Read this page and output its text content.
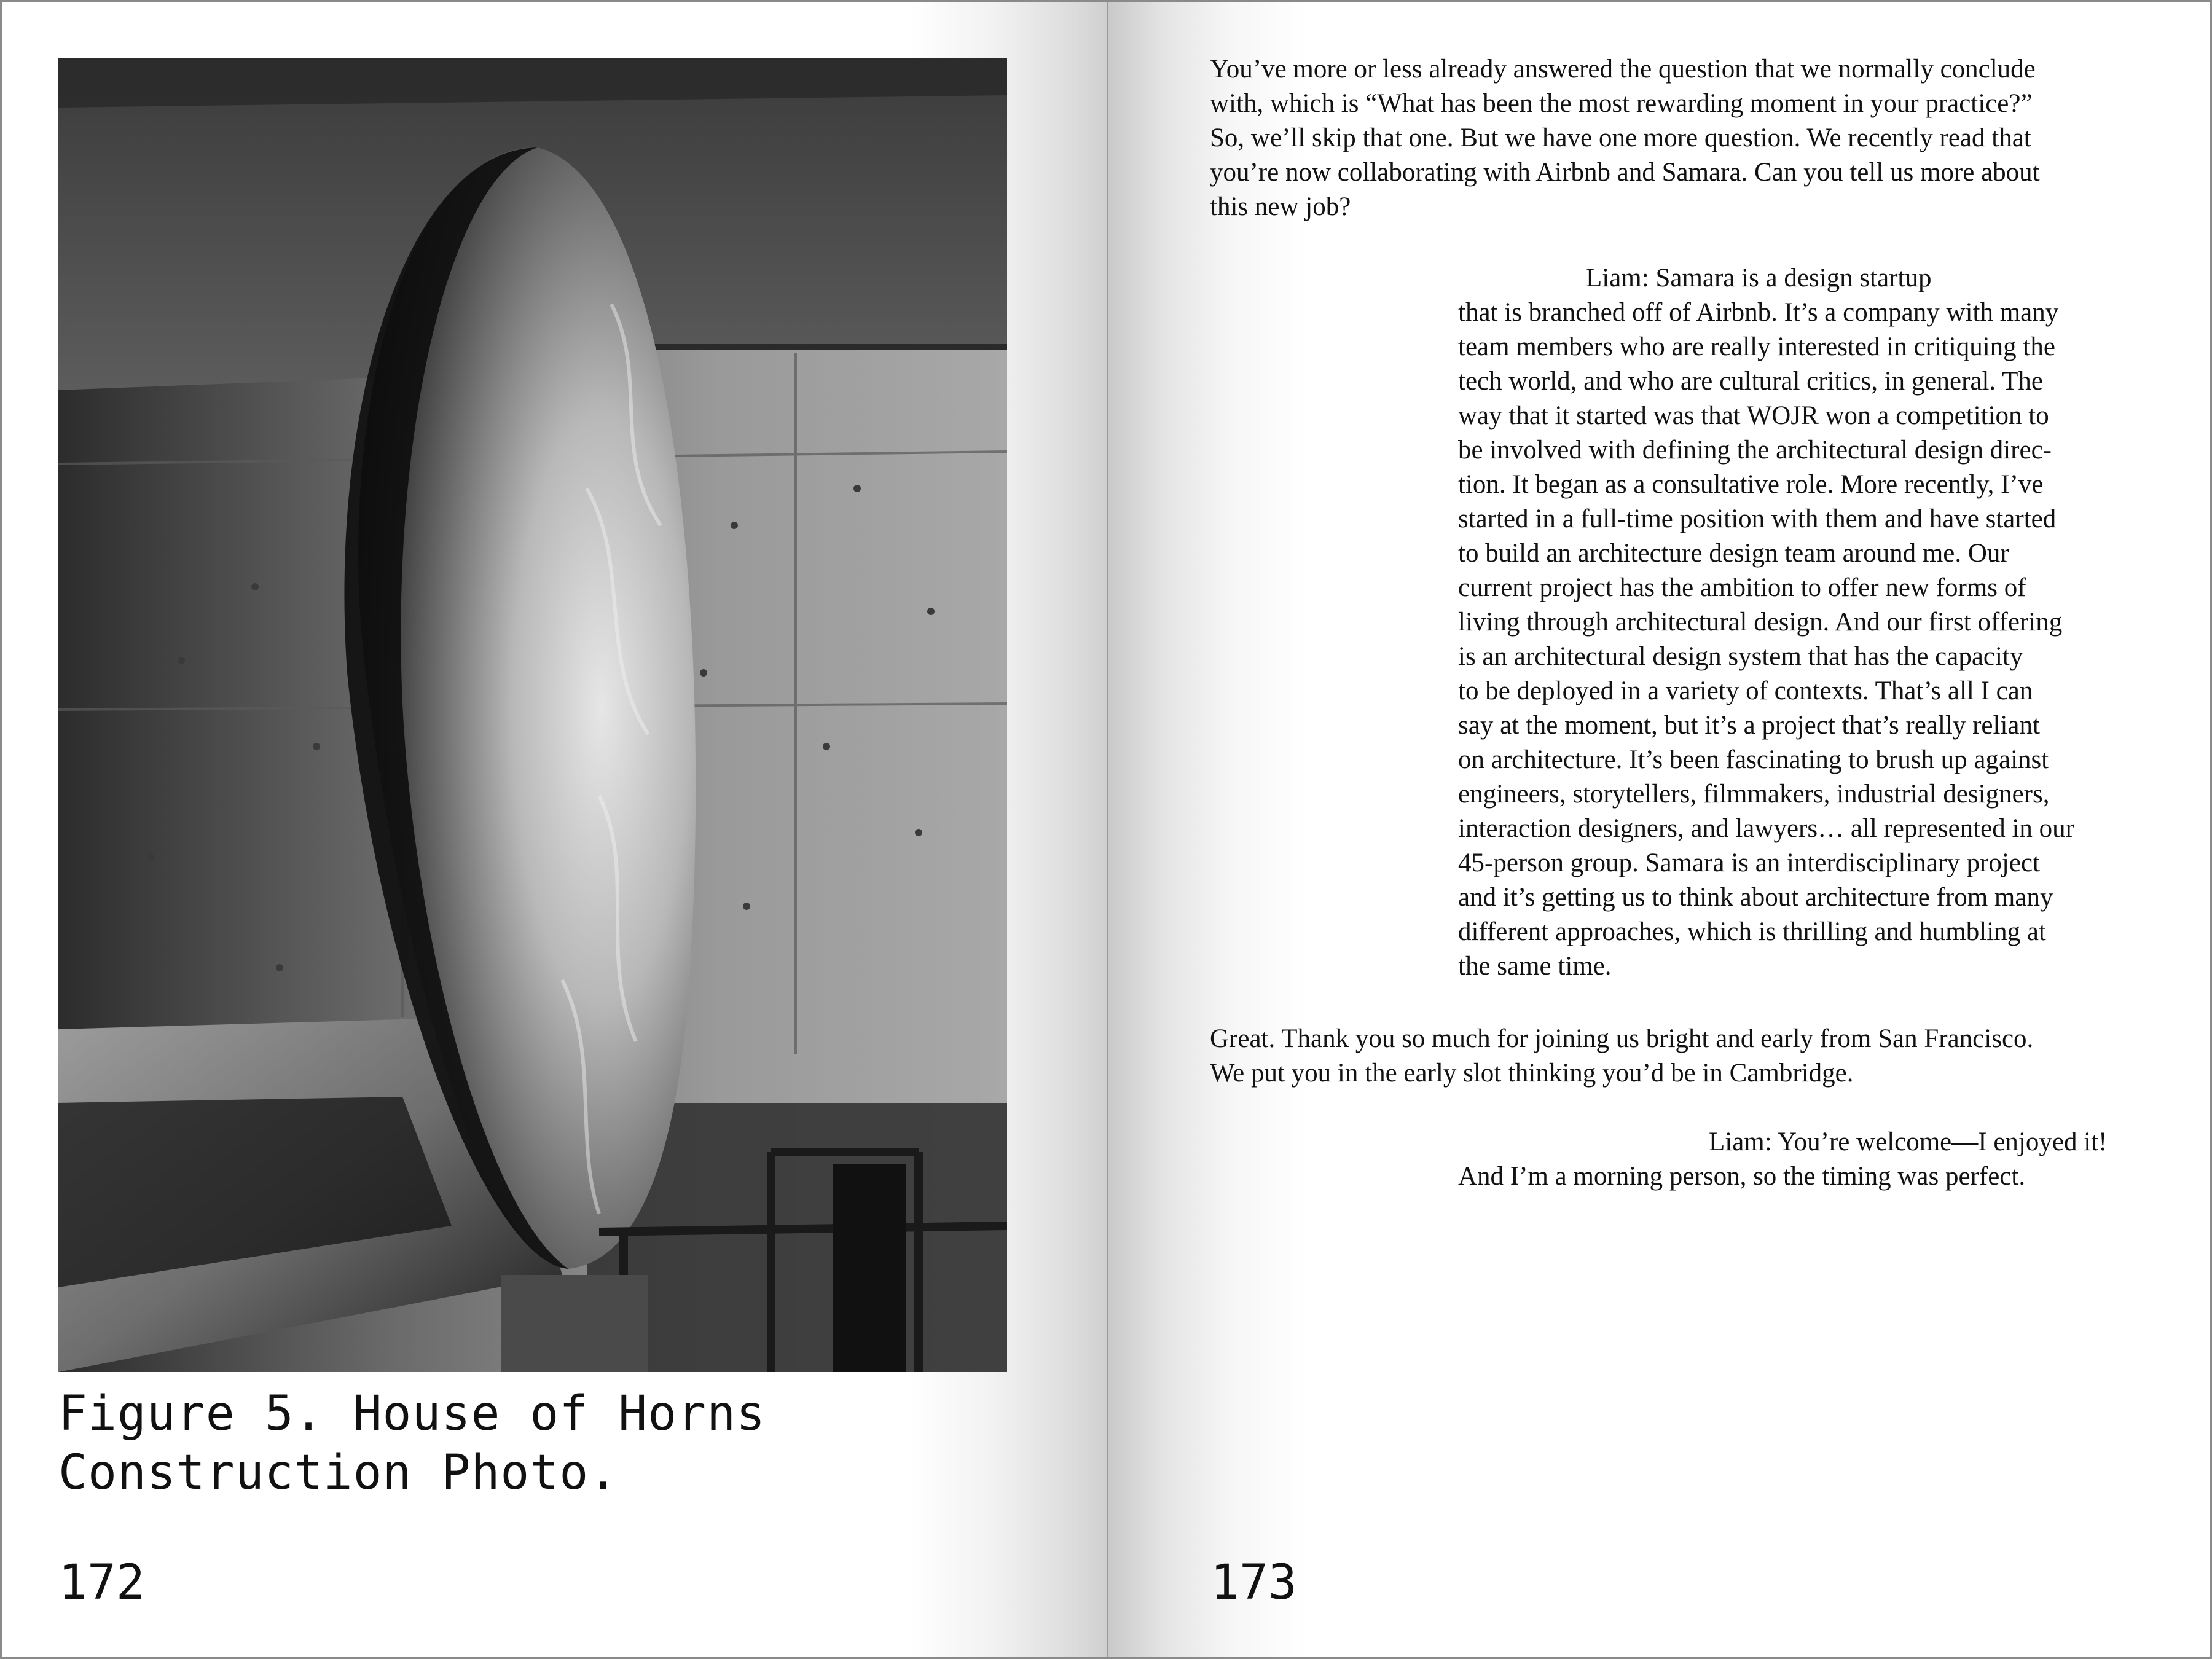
Figure 5. House of Horns
Construction Photo.
172
You’ve more or less already answered the question that we normally conclude
with, which is “What has been the most rewarding moment in your practice?”
So, we’ll skip that one. But we have one more question. We recently read that
you’re now collaborating with Airbnb and Samara. Can you tell us more about
this new job?
Liam: Samara is a design startup
that is branched off of Airbnb. It’s a company with many
team members who are really interested in critiquing the
tech world, and who are cultural critics, in general. The
way that it started was that WOJR won a competition to
be involved with defining the architectural design direc-
tion. It began as a consultative role. More recently, I’ve
started in a full-time position with them and have started
to build an architecture design team around me. Our
current project has the ambition to offer new forms of
living through architectural design. And our first offering
is an architectural design system that has the capacity
to be deployed in a variety of contexts. That’s all I can
say at the moment, but it’s a project that’s really reliant
on architecture. It’s been fascinating to brush up against
engineers, storytellers, filmmakers, industrial designers,
interaction designers, and lawyers… all represented in our
45-person group. Samara is an interdisciplinary project
and it’s getting us to think about architecture from many
different approaches, which is thrilling and humbling at
the same time.
Great. Thank you so much for joining us bright and early from San Francisco.
We put you in the early slot thinking you’d be in Cambridge.
Liam: You’re welcome—I enjoyed it!
And I’m a morning person, so the timing was perfect.
173
